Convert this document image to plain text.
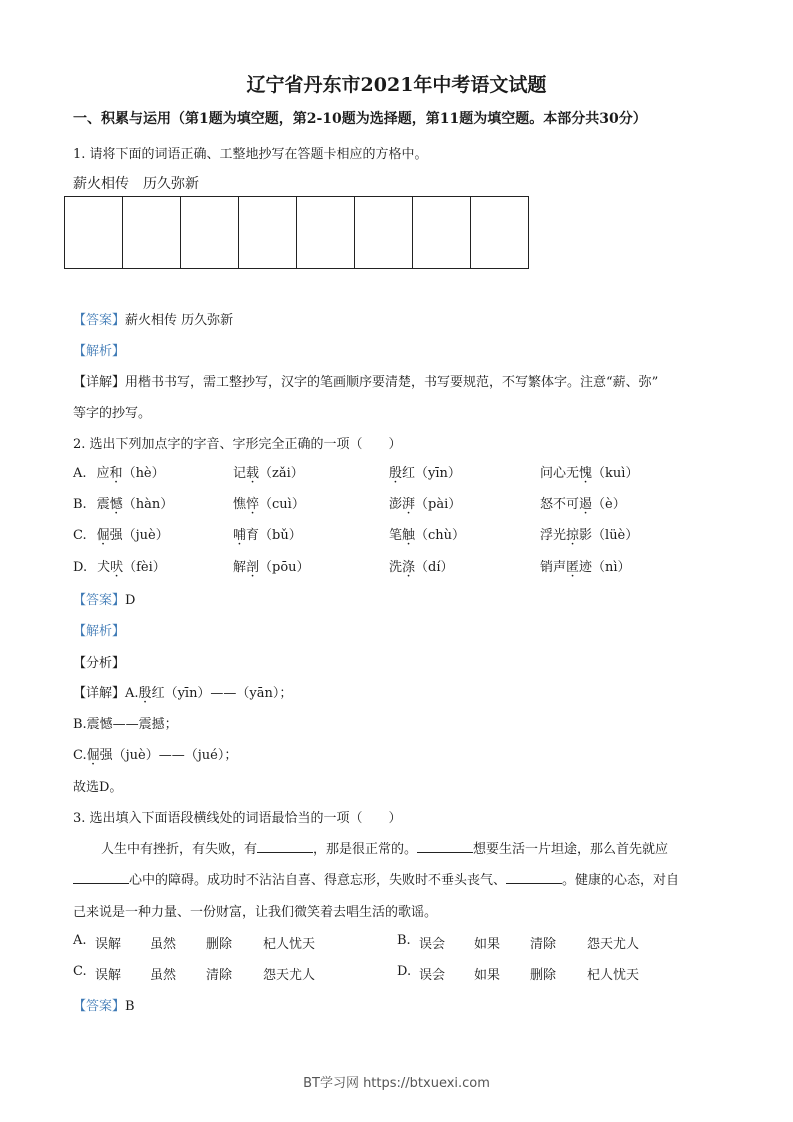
辽宁省丹东市2021年中考语文试题
一、积累与运用（第1题为填空题，第2-10题为选择题，第11题为填空题。本部分共30分）
1. 请将下面的词语正确、工整地抄写在答题卡相应的方格中。
薪火相传　历久弥新
【答案】薪火相传 历久弥新
【解析】
【详解】用楷书书写，需工整抄写，汉字的笔画顺序要清楚，书写要规范，不写繁体字。注意“薪、弥”
等字的抄写。
2. 选出下列加点字的字音、字形完全正确的一项（　　）
A. 应和（hè）	记载（zǎi）	殷红（yīn）	问心无愧（kuì）
B. 震憾（hàn）	憔悴（cuì）	澎湃（pài）	怒不可遏（è）
C. 倔强（juè）	哺育（bǔ）	笔触（chù）	浮光掠影（lüè）
D. 犬吠（fèi）	解剖（pōu）	洗涤（dí）	销声匿迹（nì）
【答案】D
【解析】
【分析】
【详解】A.殷红（yīn）——（yān）；
B.震憾——震撼；
C.倔强（juè）——（jué）；
故选D。
3. 选出填入下面语段横线处的词语最恰当的一项（　　）
人生中有挫折，有失败，有	，那是很正常的。	想要生活一片坦途，那么首先就应
心中的障碍。成功时不沾沾自喜、得意忘形，失败时不垂头丧气、	。健康的心态，对自
己来说是一种力量、一份财富，让我们微笑着去唱生活的歌谣。
A. 误解 虽然 删除 杞人忧天	B. 误会 如果 清除 怨天尤人
C. 误解 虽然 清除 怨天尤人	D. 误会 如果 删除 杞人忧天
【答案】B
BT学习网 https://btxuexi.com
